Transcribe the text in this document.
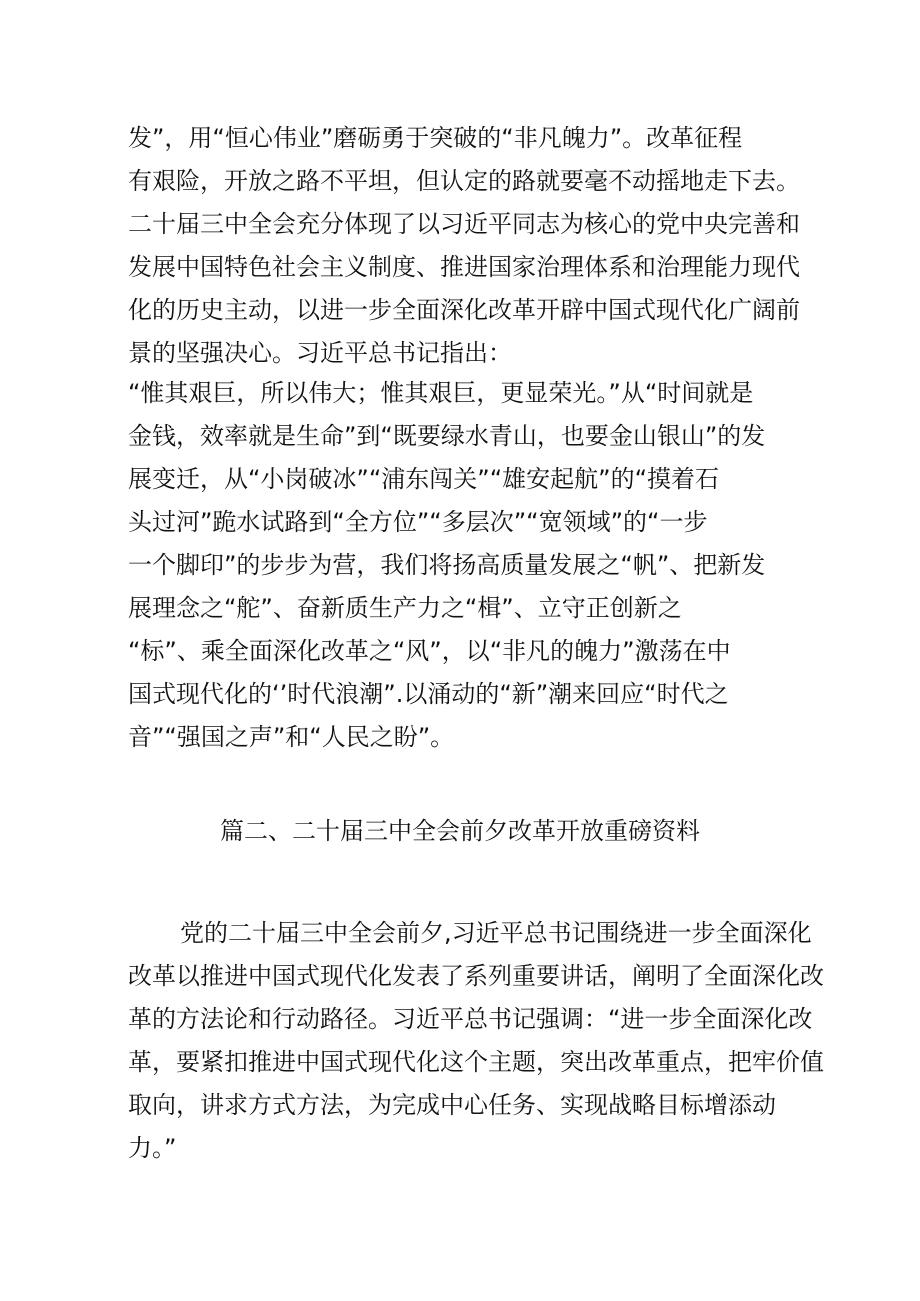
发”，用“恒心伟业”磨砺勇于突破的“非凡魄力”。改革征程
有艰险，开放之路不平坦，但认定的路就要毫不动摇地走下去。
二十届三中全会充分体现了以习近平同志为核心的党中央完善和
发展中国特色社会主义制度、推进国家治理体系和治理能力现代
化的历史主动，以进一步全面深化改革开辟中国式现代化广阔前
景的坚强决心。习近平总书记指出：
“惟其艰巨，所以伟大；惟其艰巨，更显荣光。”从“时间就是
金钱，效率就是生命”到“既要绿水青山，也要金山银山”的发
展变迁，从“小岗破冰”“浦东闯关”“雄安起航”的“摸着石
头过河”跪水试路到“全方位”“多层次”“宽领域”的“一步
一个脚印”的步步为营，我们将扬高质量发展之“帆”、把新发
展理念之“舵”、奋新质生产力之“楫”、立守正创新之
“标”、乘全面深化改革之“风”，以“非凡的魄力”激荡在中
国式现代化的‘’时代浪潮”.以涌动的“新”潮来回应“时代之
音”“强国之声”和“人民之盼”。
篇二、二十届三中全会前夕改革开放重磅资料
党的二十届三中全会前夕,习近平总书记围绕进一步全面深化
改革以推进中国式现代化发表了系列重要讲话，阐明了全面深化改
革的方法论和行动路径。习近平总书记强调：“进一步全面深化改
革，要紧扣推进中国式现代化这个主题，突出改革重点，把牢价值
取向，讲求方式方法，为完成中心任务、实现战略目标增添动
力。”
